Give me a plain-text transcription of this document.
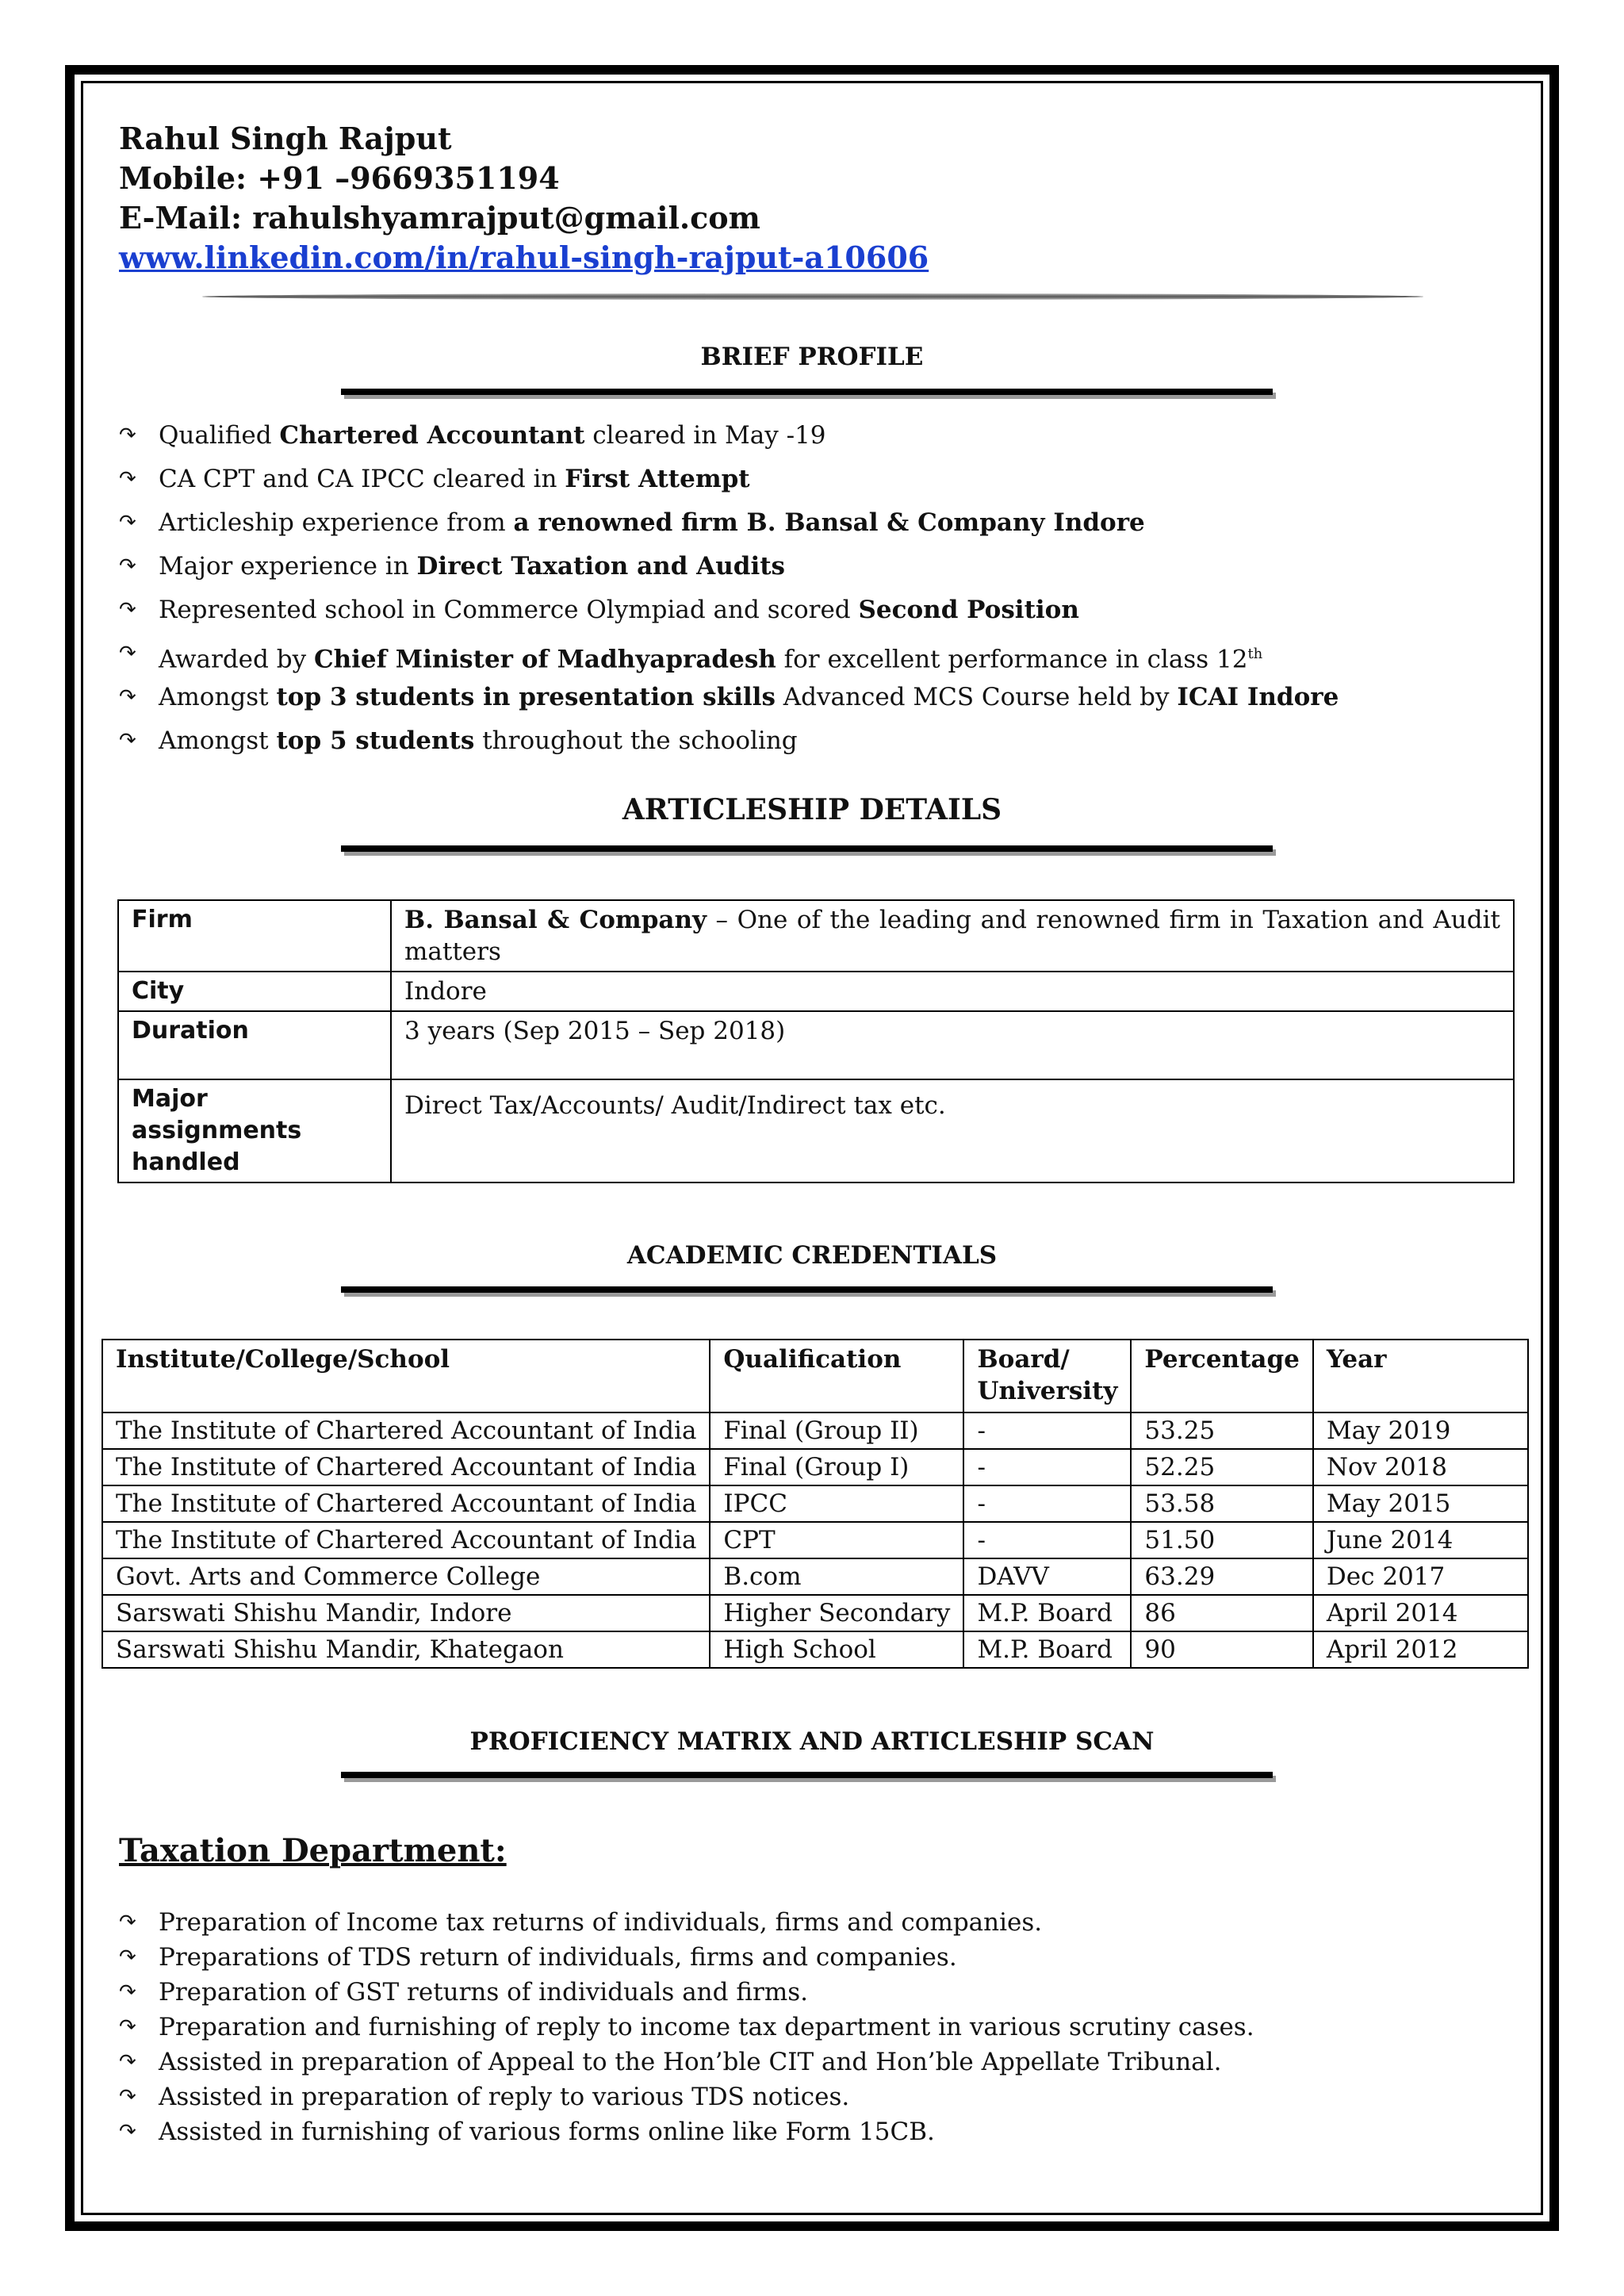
Rahul Singh Rajput
Mobile: +91 –9669351194
E-Mail: rahulshyamrajput@gmail.com
www.linkedin.com/in/rahul-singh-rajput-a10606
BRIEF PROFILE
↷ Qualified Chartered Accountant cleared in May -19
↷ CA CPT and CA IPCC cleared in First Attempt
↷ Articleship experience from a renowned firm B. Bansal & Company Indore
↷ Major experience in Direct Taxation and Audits
↷ Represented school in Commerce Olympiad and scored Second Position
↷ Awarded by Chief Minister of Madhyapradesh for excellent performance in class 12th
↷ Amongst top 3 students in presentation skills Advanced MCS Course held by ICAI Indore
↷ Amongst top 5 students throughout the schooling
ARTICLESHIP DETAILS
Firm	B. Bansal & Company – One of the leading and renowned firm in Taxation and Audit matters
City	Indore
Duration	3 years (Sep 2015 – Sep 2018)
Major assignments handled	Direct Tax/Accounts/ Audit/Indirect tax etc.
ACADEMIC CREDENTIALS
Institute/College/School	Qualification	Board/ University	Percentage	Year
The Institute of Chartered Accountant of India	Final (Group II)	-	53.25	May 2019
The Institute of Chartered Accountant of India	Final (Group I)	-	52.25	Nov 2018
The Institute of Chartered Accountant of India	IPCC	-	53.58	May 2015
The Institute of Chartered Accountant of India	CPT	-	51.50	June 2014
Govt. Arts and Commerce College	B.com	DAVV	63.29	Dec 2017
Sarswati Shishu Mandir, Indore	Higher Secondary	M.P. Board	86	April 2014
Sarswati Shishu Mandir, Khategaon	High School	M.P. Board	90	April 2012
PROFICIENCY MATRIX AND ARTICLESHIP SCAN
Taxation Department:
↷ Preparation of Income tax returns of individuals, firms and companies.
↷ Preparations of TDS return of individuals, firms and companies.
↷ Preparation of GST returns of individuals and firms.
↷ Preparation and furnishing of reply to income tax department in various scrutiny cases.
↷ Assisted in preparation of Appeal to the Hon’ble CIT and Hon’ble Appellate Tribunal.
↷ Assisted in preparation of reply to various TDS notices.
↷ Assisted in furnishing of various forms online like Form 15CB.
